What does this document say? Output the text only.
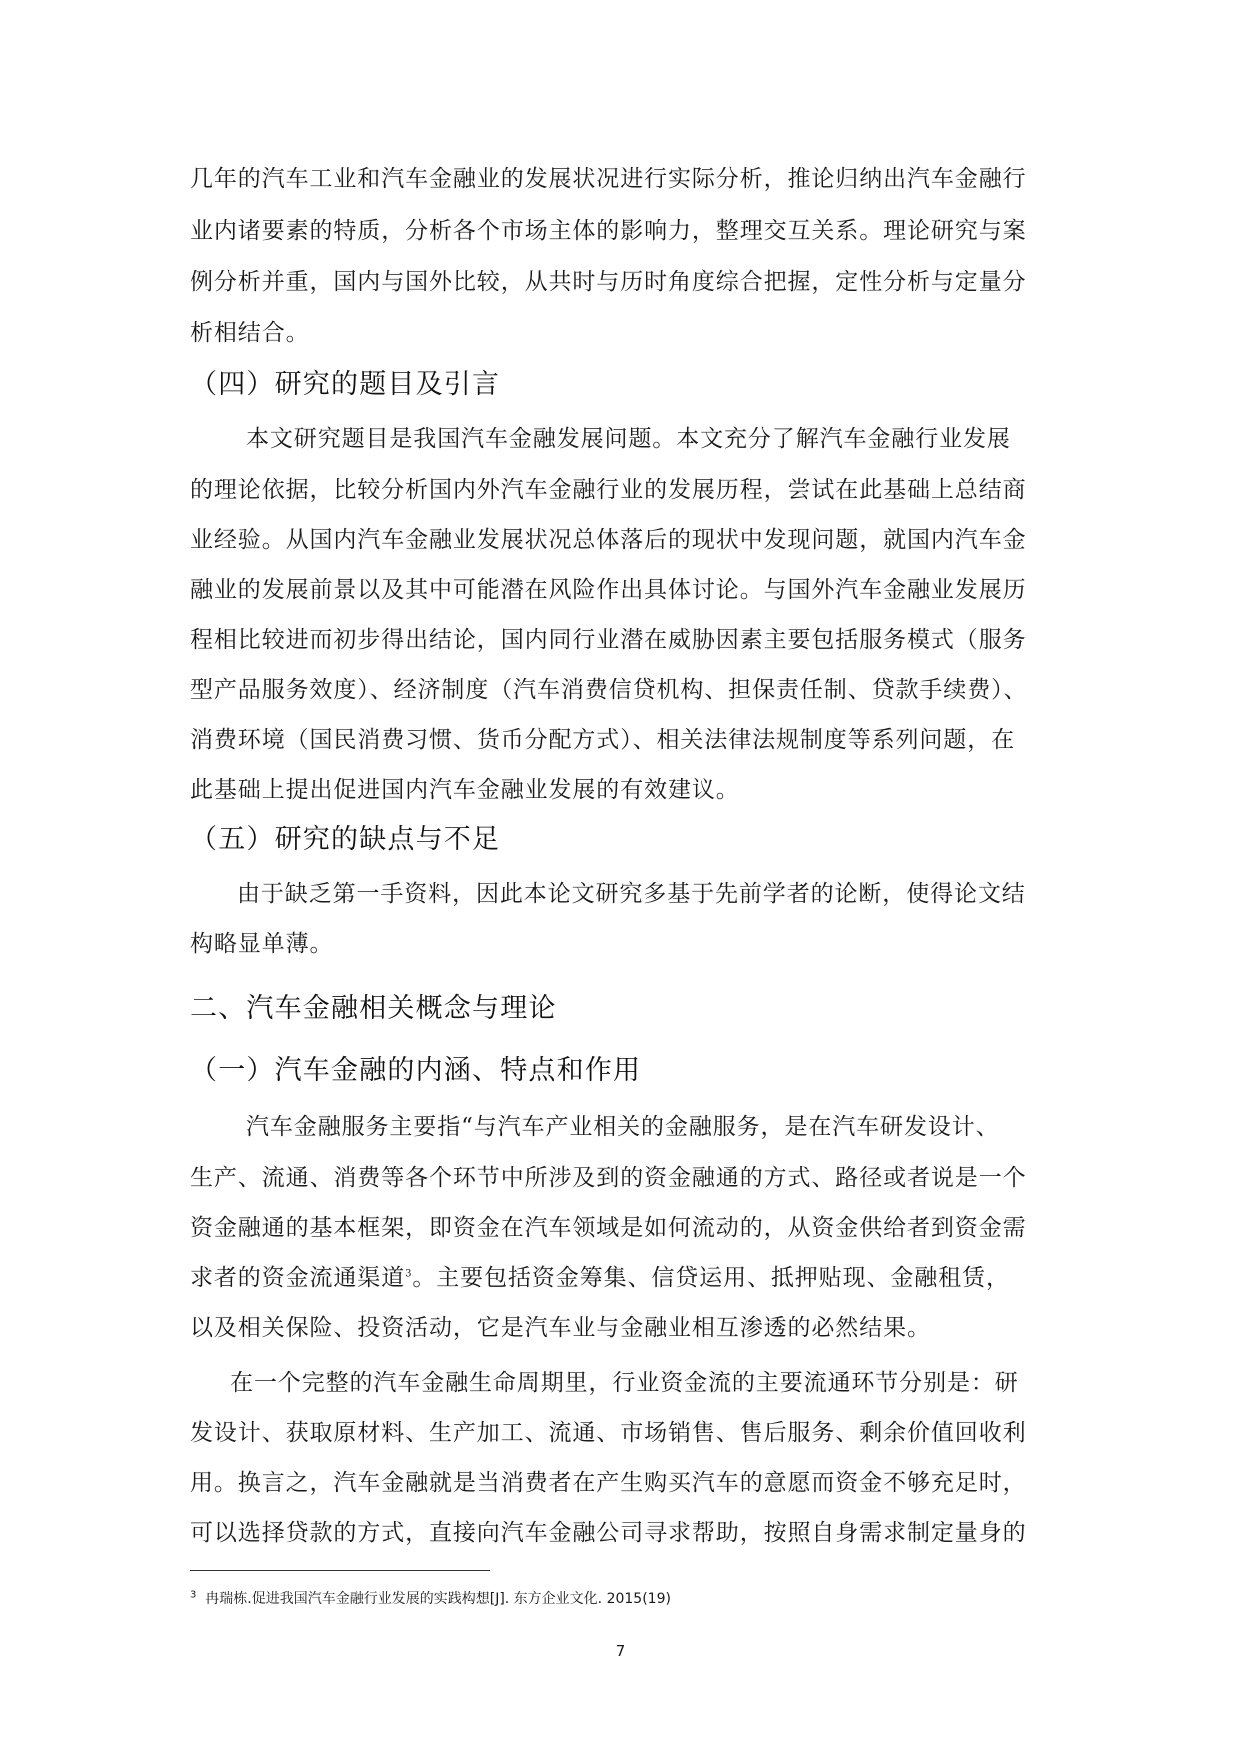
几年的汽车工业和汽车金融业的发展状况进行实际分析，推论归纳出汽车金融行
业内诸要素的特质，分析各个市场主体的影响力，整理交互关系。理论研究与案
例分析并重，国内与国外比较，从共时与历时角度综合把握，定性分析与定量分
析相结合。
（四）研究的题目及引言
本文研究题目是我国汽车金融发展问题。本文充分了解汽车金融行业发展
的理论依据，比较分析国内外汽车金融行业的发展历程，尝试在此基础上总结商
业经验。从国内汽车金融业发展状况总体落后的现状中发现问题，就国内汽车金
融业的发展前景以及其中可能潜在风险作出具体讨论。与国外汽车金融业发展历
程相比较进而初步得出结论，国内同行业潜在威胁因素主要包括服务模式（服务
型产品服务效度）、经济制度（汽车消费信贷机构、担保责任制、贷款手续费）、
消费环境（国民消费习惯、货币分配方式）、相关法律法规制度等系列问题，在
此基础上提出促进国内汽车金融业发展的有效建议。
（五）研究的缺点与不足
由于缺乏第一手资料，因此本论文研究多基于先前学者的论断，使得论文结
构略显单薄。
二、汽车金融相关概念与理论
（一）汽车金融的内涵、特点和作用
汽车金融服务主要指“与汽车产业相关的金融服务，是在汽车研发设计、
生产、流通、消费等各个环节中所涉及到的资金融通的方式、路径或者说是一个
资金融通的基本框架，即资金在汽车领域是如何流动的，从资金供给者到资金需
求者的资金流通渠道$^3$。主要包括资金筹集、信贷运用、抵押贴现、金融租赁，
以及相关保险、投资活动，它是汽车业与金融业相互渗透的必然结果。
在一个完整的汽车金融生命周期里，行业资金流的主要流通环节分别是：研
发设计、获取原材料、生产加工、流通、市场销售、售后服务、剩余价值回收利
用。换言之，汽车金融就是当消费者在产生购买汽车的意愿而资金不够充足时，
可以选择贷款的方式，直接向汽车金融公司寻求帮助，按照自身需求制定量身的
$^3$ 冉瑞栋.促进我国汽车金融行业发展的实践构想[J]. 东方企业文化. 2015(19)
7
